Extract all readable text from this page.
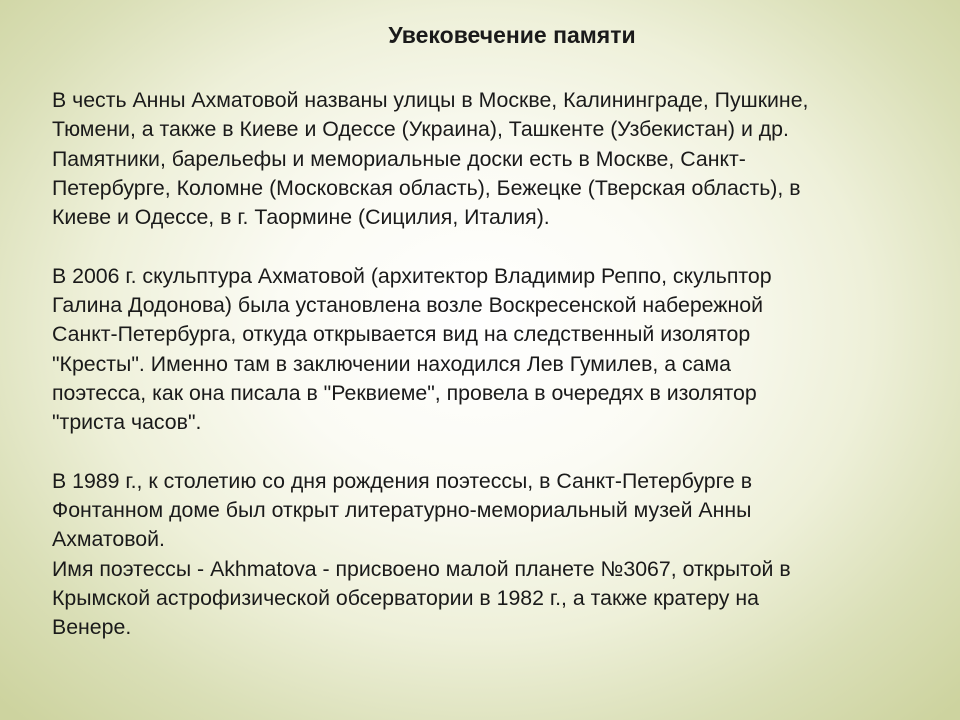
Увековечение памяти

В честь Анны Ахматовой названы улицы в Москве, Калининграде, Пушкине,

Тюмени, а также в Киеве и Одессе (Украина), Ташкенте (Узбекистан) и др.

Памятники, барельефы и мемориальные доски есть в Москве, Санкт-

Петербурге, Коломне (Московская область), Бежецке (Тверская область), в

Киеве и Одессе, в г. Таормине (Сицилия, Италия).

В 2006 г. скульптура Ахматовой (архитектор Владимир Реппо, скульптор

Галина Додонова) была установлена возле Воскресенской набережной

Санкт-Петербурга, откуда открывается вид на следственный изолятор

"Кресты". Именно там в заключении находился Лев Гумилев, а сама

поэтесса, как она писала в "Реквиеме", провела в очередях в изолятор

"триста часов".

В 1989 г., к столетию со дня рождения поэтессы, в Санкт-Петербурге в

Фонтанном доме был открыт литературно-мемориальный музей Анны

Ахматовой.

Имя поэтессы - Akhmatova - присвоено малой планете №3067, открытой в

Крымской астрофизической обсерватории в 1982 г., а также кратеру на

Венере.
